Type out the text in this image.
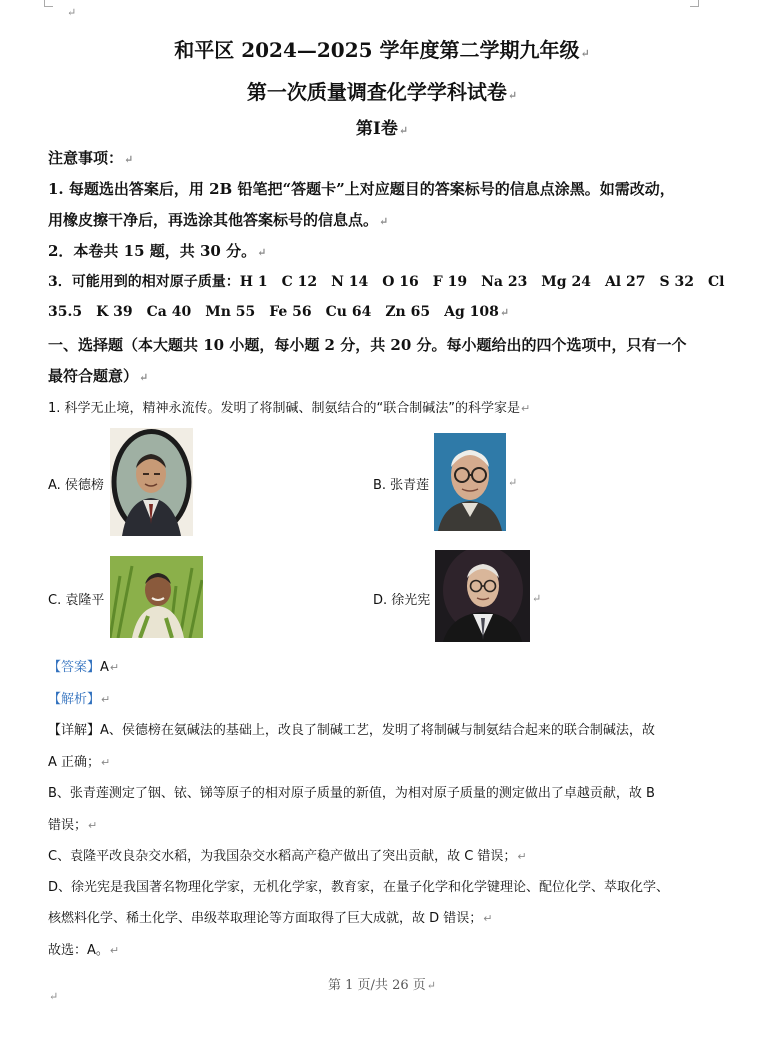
↵
和平区 2024—2025 学年度第二学期九年级↵
第一次质量调查化学学科试卷↵
第Ⅰ卷↵
注意事项：↵
1. 每题选出答案后，用 2B 铅笔把“答题卡”上对应题目的答案标号的信息点涂黑。如需改动，
用橡皮擦干净后，再选涂其他答案标号的信息点。↵
2．本卷共 15 题，共 30 分。↵
3．可能用到的相对原子质量：H 1　C 12　N 14　O 16　F 19　Na 23　Mg 24　Al 27　S 32　Cl
35.5　K 39　Ca 40　Mn 55　Fe 56　Cu 64　Zn 65　Ag 108↵
一、选择题（本大题共 10 小题，每小题 2 分，共 20 分。每小题给出的四个选项中，只有一个
最符合题意）↵
1. 科学无止境，精神永流传。发明了将制碱、制氨结合的“联合制碱法”的科学家是↵
A. 侯德榜	B. 张青莲	↵
C. 袁隆平	D. 徐光宪	↵
【答案】A↵
【解析】↵
【详解】A、侯德榜在氨碱法的基础上，改良了制碱工艺，发明了将制碱与制氨结合起来的联合制碱法，故
A 正确；↵
B、张青莲测定了铟、铱、锑等原子的相对原子质量的新值，为相对原子质量的测定做出了卓越贡献，故 B
错误；↵
C、袁隆平改良杂交水稻，为我国杂交水稻高产稳产做出了突出贡献，故 C 错误；↵
D、徐光宪是我国著名物理化学家，无机化学家，教育家，在量子化学和化学键理论、配位化学、萃取化学、
核燃料化学、稀土化学、串级萃取理论等方面取得了巨大成就，故 D 错误；↵
故选：A。↵
第 1 页/共 26 页↵
↵
